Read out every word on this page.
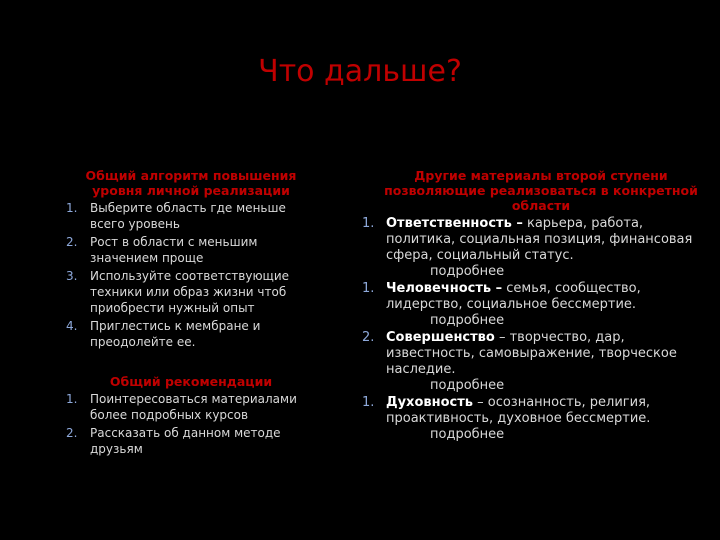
Что дальше?
Общий алгоритм повышения уровня личной реализации
1. Выберите область где меньше всего уровень
2. Рост в области с меньшим значением проще
3. Используйте соответствующие техники или образ жизни чтоб приобрести нужный опыт
4. Приглестись к мембране и преодолейте ее.
Общий рекомендации
1. Поинтересоваться материалами более подробных курсов
2. Рассказать об данном методе друзьям
Другие материалы второй ступени позволяющие реализоваться в конкретной области
1. Ответственность – карьера, работа, политика, социальная позиция, финансовая сфера, социальный статус.
подробнее
1. Человечность – семья, сообщество, лидерство, социальное бессмертие.
подробнее
2. Совершенство – творчество, дар, известность, самовыражение, творческое наследие.
подробнее
1. Духовность – осознанность, религия, проактивность, духовное бессмертие.
подробнее
